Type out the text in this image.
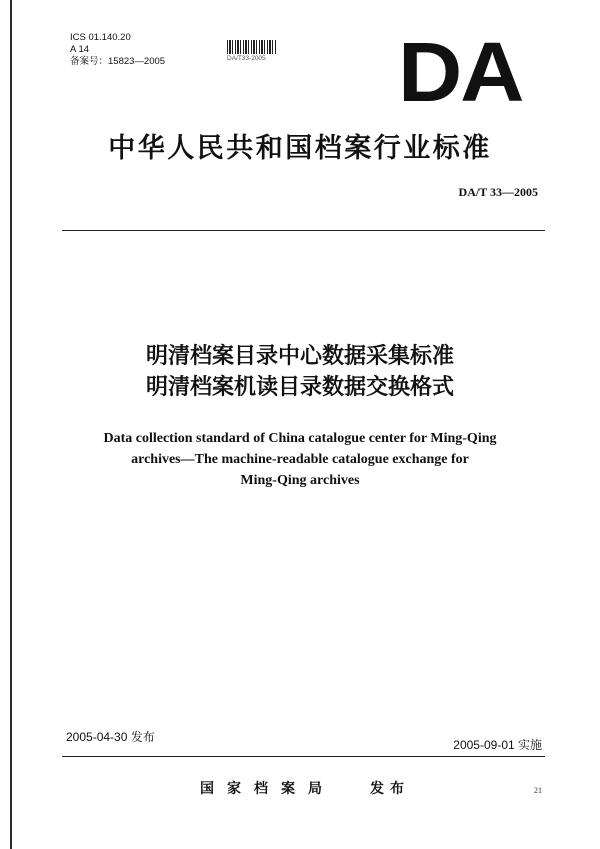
ICS 01.140.20
A 14
备案号：15823—2005	DA/T33-2005 DA
中华人民共和国档案行业标准
DA/T 33—2005
明清档案目录中心数据采集标准
明清档案机读目录数据交换格式
Data collection standard of China catalogue center for Ming-Qing
archives—The machine-readable catalogue exchange for
Ming-Qing archives
2005-04-30 发布
2005-09-01 实施
国家档案局	发布	21
